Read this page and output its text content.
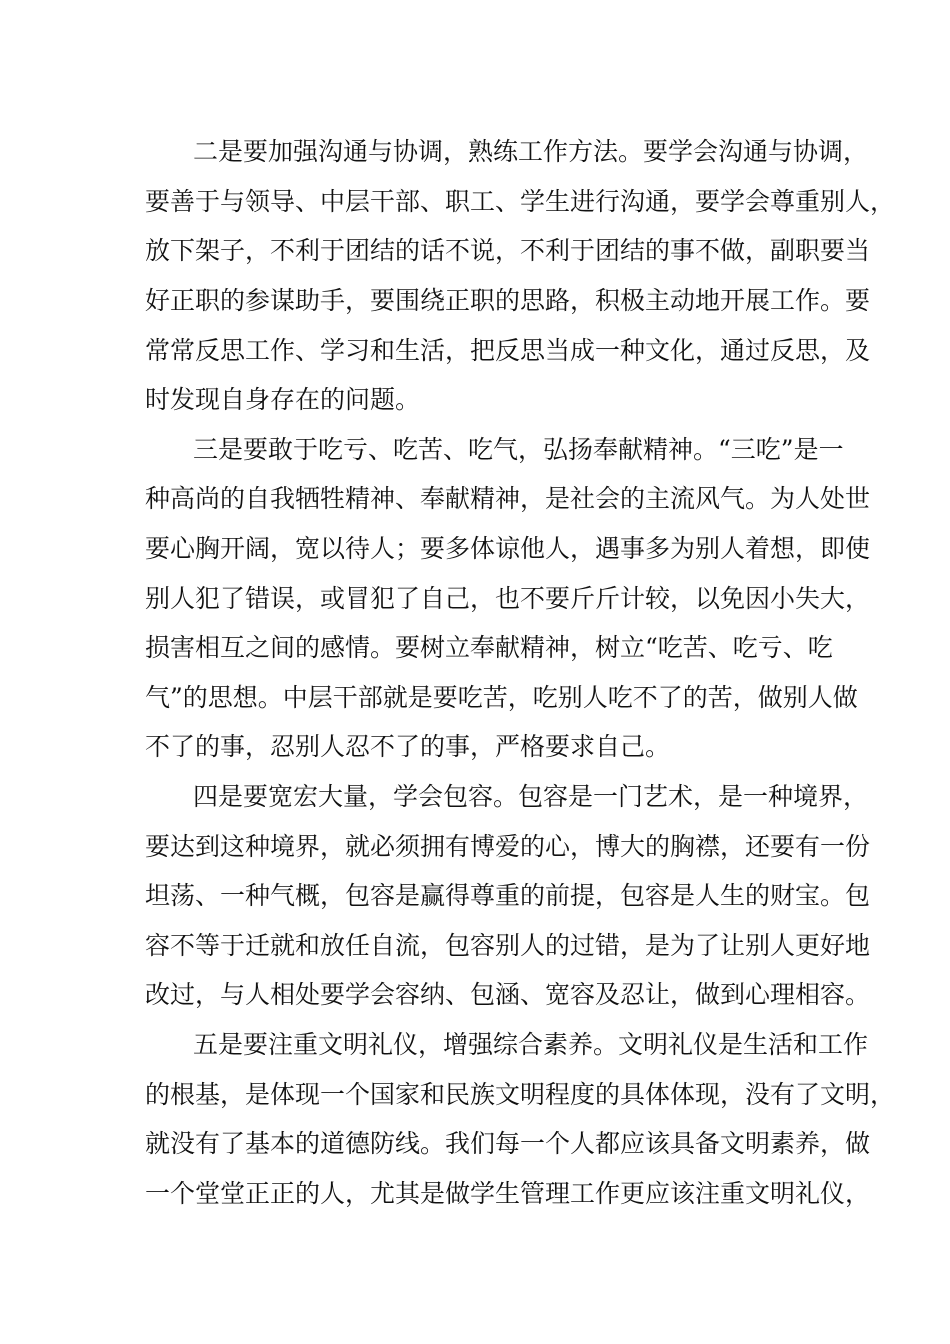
二是要加强沟通与协调，熟练工作方法。要学会沟通与协调，
要善于与领导、中层干部、职工、学生进行沟通，要学会尊重别人，
放下架子，不利于团结的话不说，不利于团结的事不做，副职要当
好正职的参谋助手，要围绕正职的思路，积极主动地开展工作。要
常常反思工作、学习和生活，把反思当成一种文化，通过反思，及
时发现自身存在的问题。
三是要敢于吃亏、吃苦、吃气，弘扬奉献精神。“三吃”是一
种高尚的自我牺牲精神、奉献精神，是社会的主流风气。为人处世
要心胸开阔，宽以待人；要多体谅他人，遇事多为别人着想，即使
别人犯了错误，或冒犯了自己，也不要斤斤计较，以免因小失大，
损害相互之间的感情。要树立奉献精神，树立“吃苦、吃亏、吃
气”的思想。中层干部就是要吃苦，吃别人吃不了的苦，做别人做
不了的事，忍别人忍不了的事，严格要求自己。
四是要宽宏大量，学会包容。包容是一门艺术，是一种境界，
要达到这种境界，就必须拥有博爱的心，博大的胸襟，还要有一份
坦荡、一种气概，包容是赢得尊重的前提，包容是人生的财宝。包
容不等于迁就和放任自流，包容别人的过错，是为了让别人更好地
改过，与人相处要学会容纳、包涵、宽容及忍让，做到心理相容。
五是要注重文明礼仪，增强综合素养。文明礼仪是生活和工作
的根基，是体现一个国家和民族文明程度的具体体现，没有了文明，
就没有了基本的道德防线。我们每一个人都应该具备文明素养，做
一个堂堂正正的人，尤其是做学生管理工作更应该注重文明礼仪，
